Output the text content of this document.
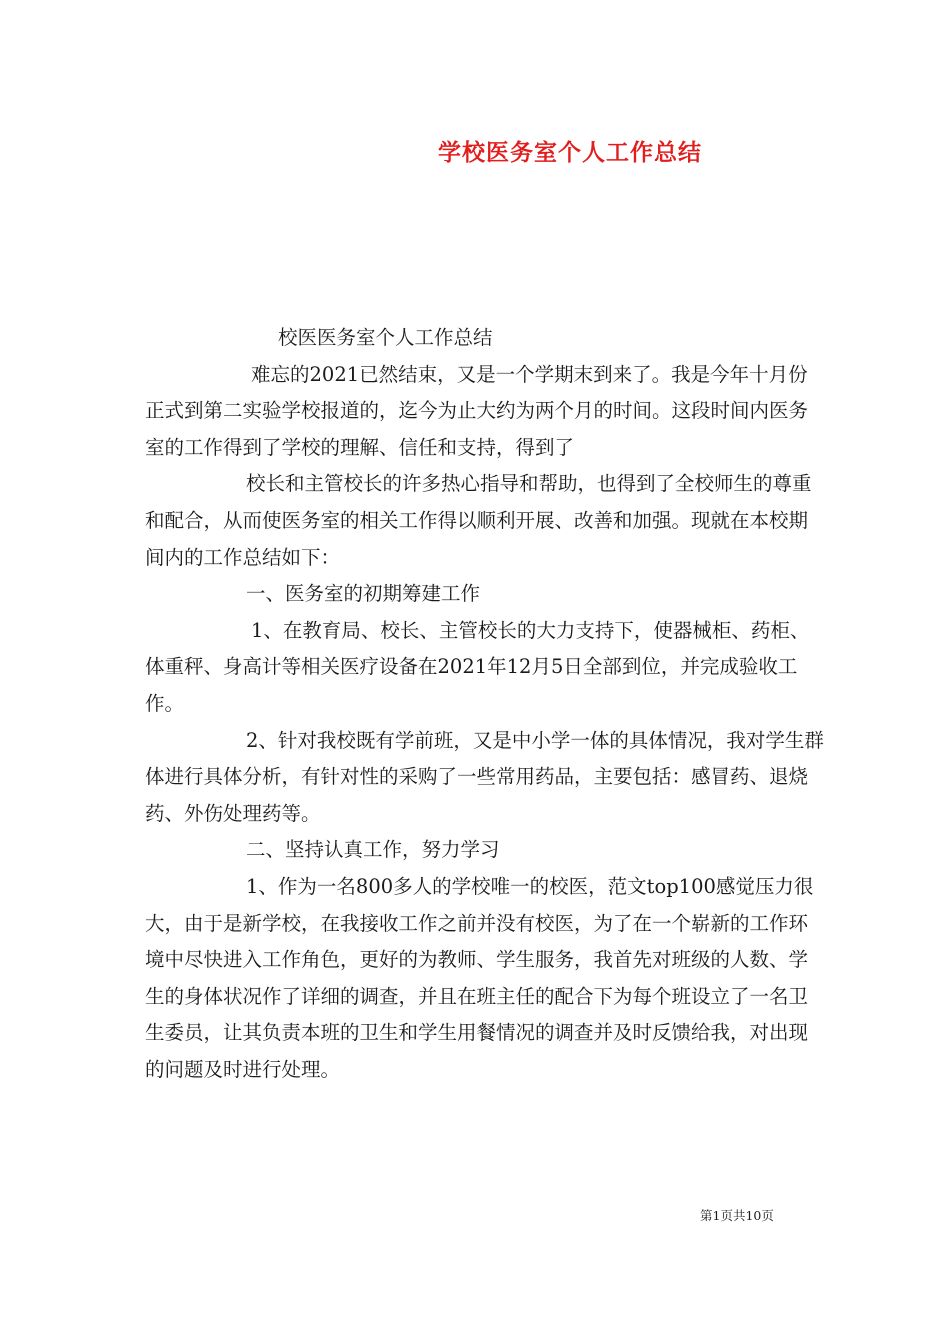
学校医务室个人工作总结

校医医务室个人工作总结

难忘的2021已然结束，又是一个学期末到来了。我是今年十月份正式到第二实验学校报道的，迄今为止大约为两个月的时间。这段时间内医务室的工作得到了学校的理解、信任和支持，得到了

校长和主管校长的许多热心指导和帮助，也得到了全校师生的尊重和配合，从而使医务室的相关工作得以顺利开展、改善和加强。现就在本校期间内的工作总结如下：

一、医务室的初期筹建工作

1、在教育局、校长、主管校长的大力支持下，使器械柜、药柜、体重秤、身高计等相关医疗设备在2021年12月5日全部到位，并完成验收工作。

2、针对我校既有学前班，又是中小学一体的具体情况，我对学生群体进行具体分析，有针对性的采购了一些常用药品，主要包括：感冒药、退烧药、外伤处理药等。

二、坚持认真工作，努力学习

1、作为一名800多人的学校唯一的校医，范文top100感觉压力很大，由于是新学校，在我接收工作之前并没有校医，为了在一个崭新的工作环境中尽快进入工作角色，更好的为教师、学生服务，我首先对班级的人数、学生的身体状况作了详细的调查，并且在班主任的配合下为每个班设立了一名卫生委员，让其负责本班的卫生和学生用餐情况的调查并及时反馈给我，对出现的问题及时进行处理。

第1页共10页
